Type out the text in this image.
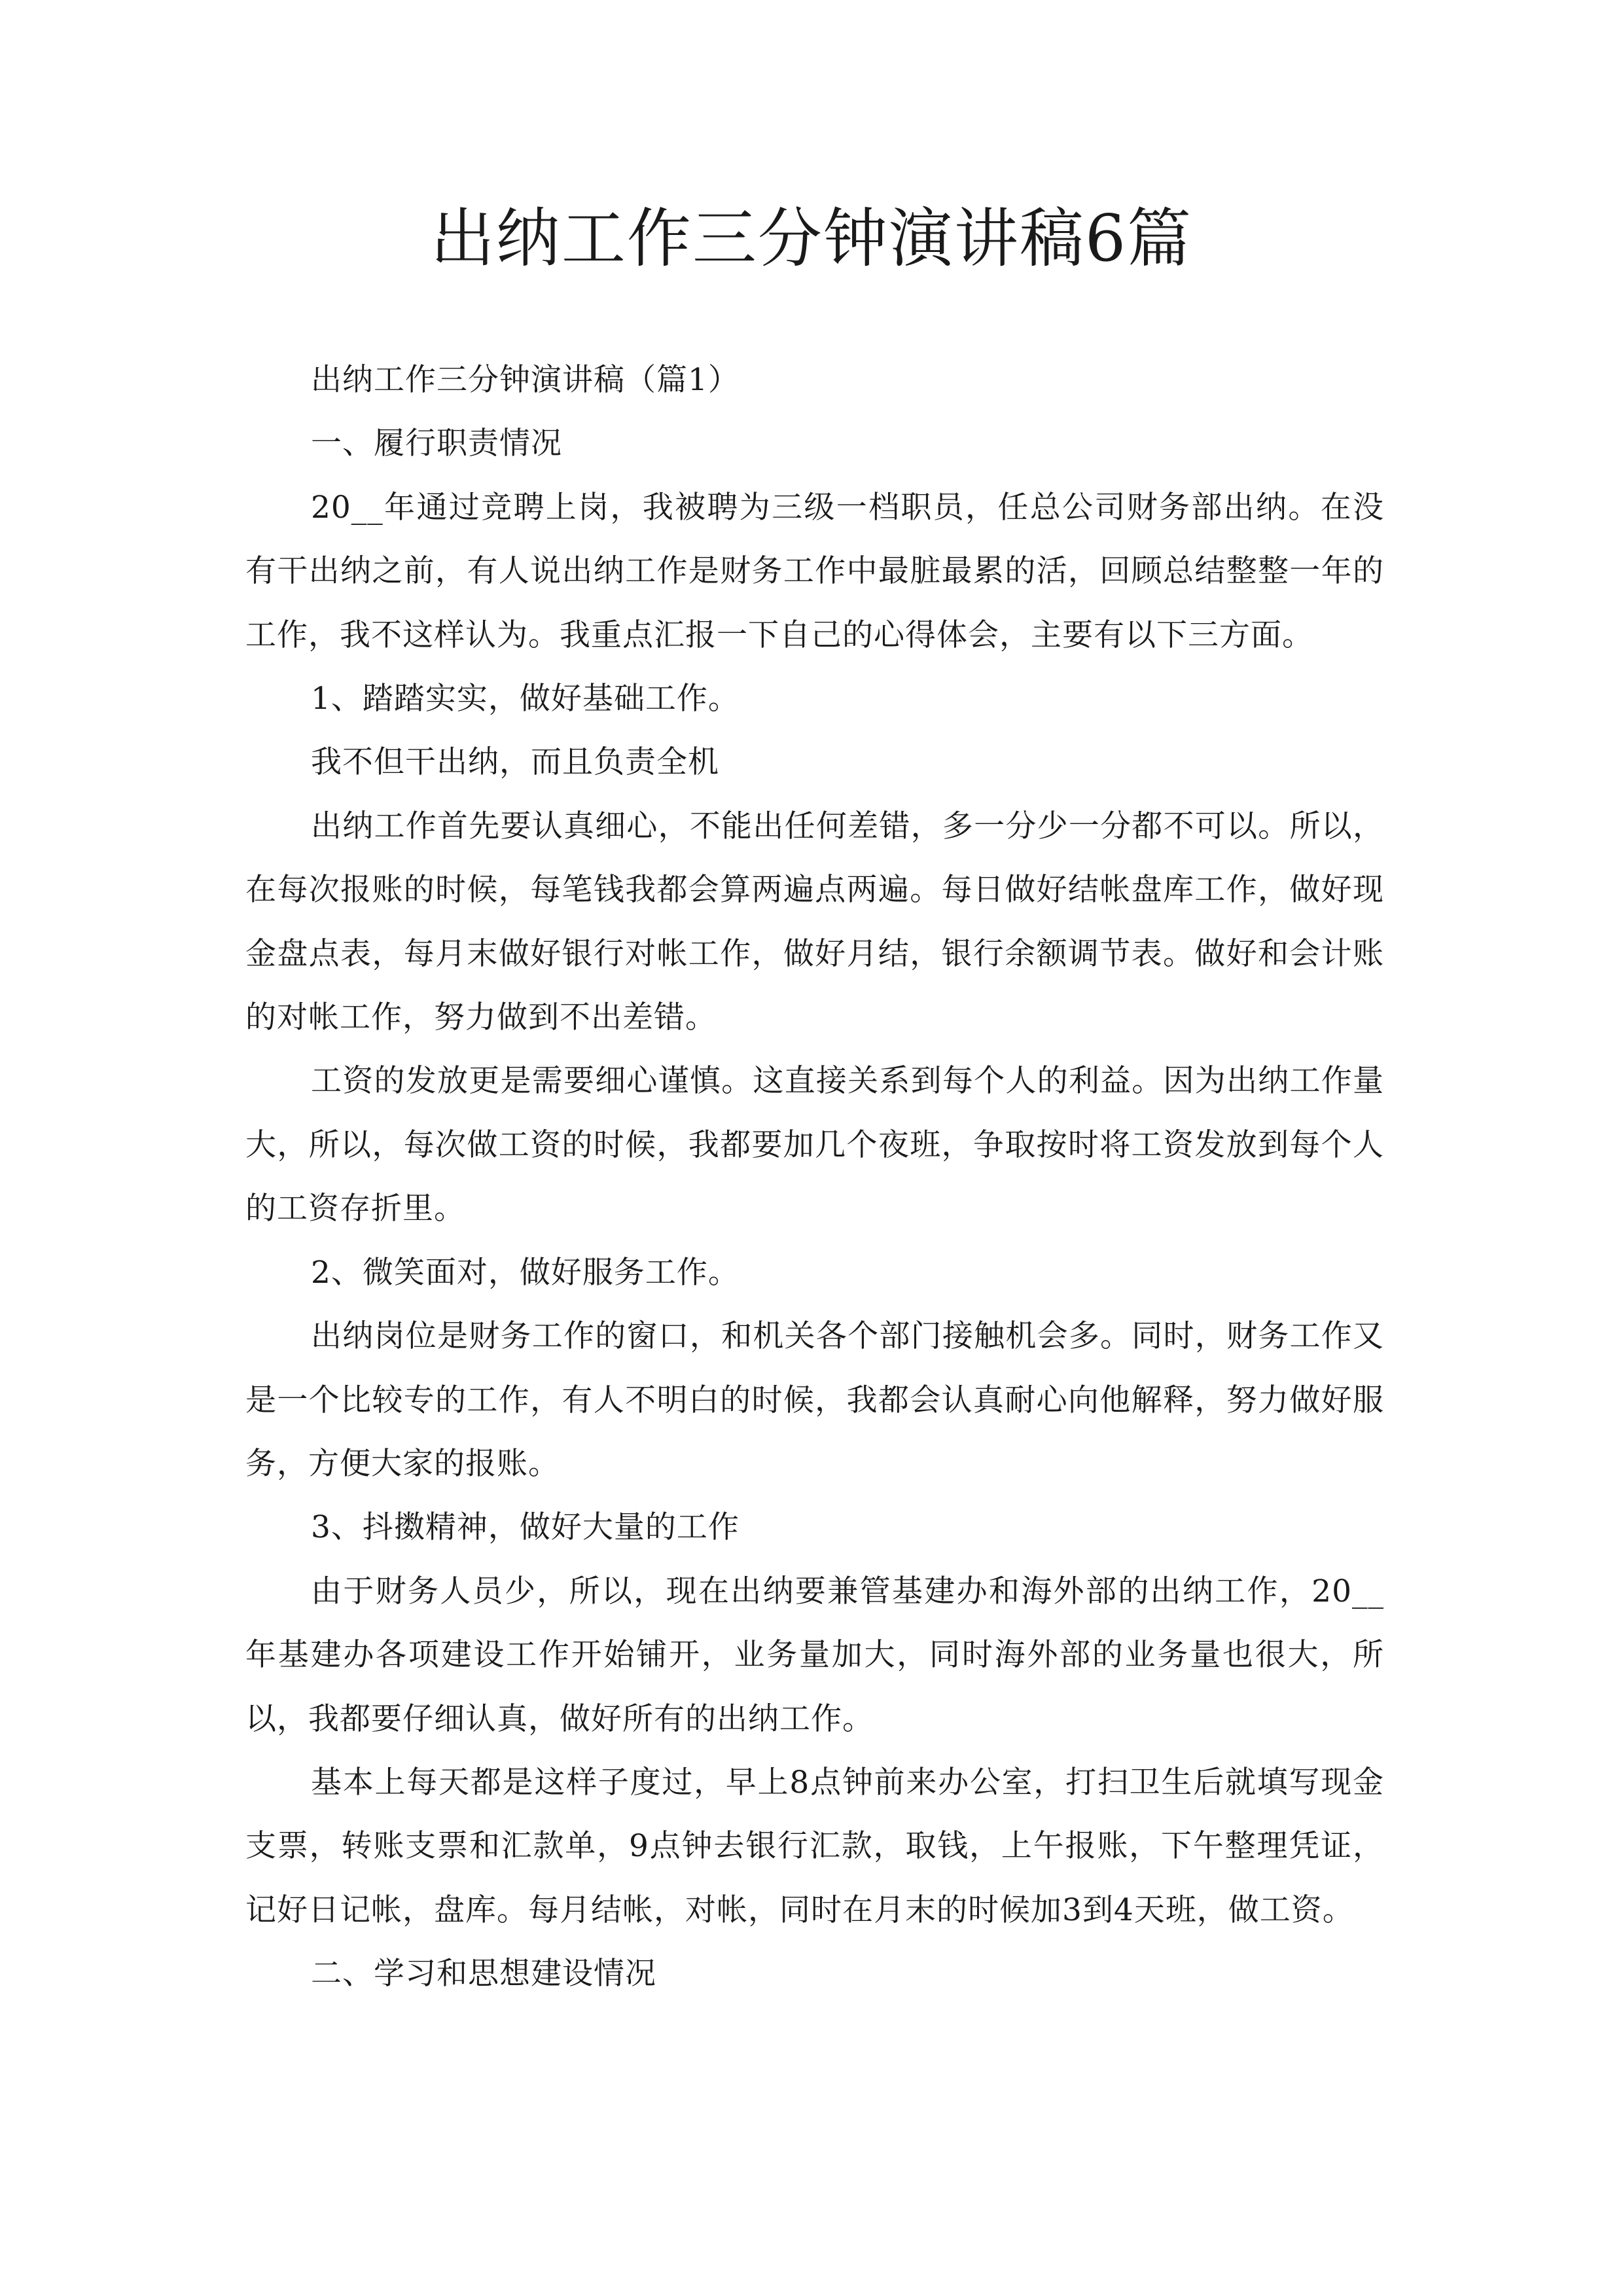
出纳工作三分钟演讲稿6篇

出纳工作三分钟演讲稿（篇1）

一、履行职责情况

20__年通过竞聘上岗，我被聘为三级一档职员，任总公司财务部出纳。在没有干出纳之前，有人说出纳工作是财务工作中最脏最累的活，回顾总结整整一年的工作，我不这样认为。我重点汇报一下自己的心得体会，主要有以下三方面。

1、踏踏实实，做好基础工作。

我不但干出纳，而且负责全机

出纳工作首先要认真细心，不能出任何差错，多一分少一分都不可以。所以，在每次报账的时候，每笔钱我都会算两遍点两遍。每日做好结帐盘库工作，做好现金盘点表，每月末做好银行对帐工作，做好月结，银行余额调节表。做好和会计账的对帐工作，努力做到不出差错。

工资的发放更是需要细心谨慎。这直接关系到每个人的利益。因为出纳工作量大，所以，每次做工资的时候，我都要加几个夜班，争取按时将工资发放到每个人的工资存折里。

2、微笑面对，做好服务工作。

出纳岗位是财务工作的窗口，和机关各个部门接触机会多。同时，财务工作又是一个比较专的工作，有人不明白的时候，我都会认真耐心向他解释，努力做好服务，方便大家的报账。

3、抖擞精神，做好大量的工作

由于财务人员少，所以，现在出纳要兼管基建办和海外部的出纳工作，20__年基建办各项建设工作开始铺开，业务量加大，同时海外部的业务量也很大，所以，我都要仔细认真，做好所有的出纳工作。

基本上每天都是这样子度过，早上8点钟前来办公室，打扫卫生后就填写现金支票，转账支票和汇款单，9点钟去银行汇款，取钱，上午报账，下午整理凭证，记好日记帐，盘库。每月结帐，对帐，同时在月末的时候加3到4天班，做工资。

二、学习和思想建设情况
